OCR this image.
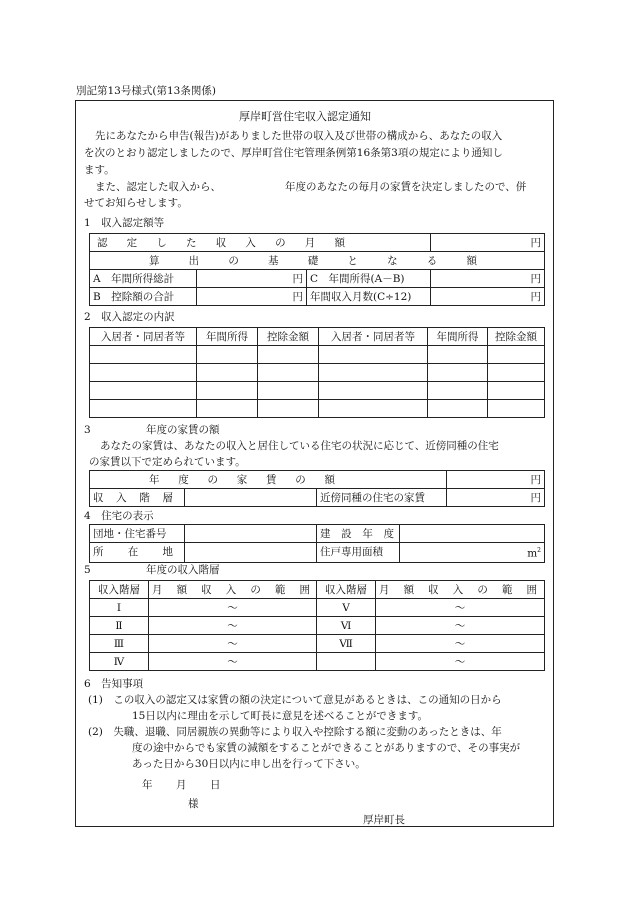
別記第13号様式(第13条関係)
厚岸町営住宅収入認定通知
先にあなたから申告(報告)がありました世帯の収入及び世帯の構成から、あなたの収入
を次のとおり認定しましたので、厚岸町営住宅管理条例第16条第3項の規定により通知し
ます。
また、認定した収入から、	年度のあなたの毎月の家賃を決定しましたので、併
せてお知らせします。
1　収入認定額等
認 定 し た 収 入 の 月 額			円

算 出 の 基 礎 と な る 額			

A　年間所得総計	円	C　年間所得(A－B)	円
B　控除額の合計	円	年間収入月数(C÷12)	円
2　収入認定の内訳
入居者・同居者等	年間所得	控除金額	入居者・同居者等	年間所得	控除金額

3	年度の家賃の額
あなたの家賃は、あなたの収入と居住している住宅の状況に応じて、近傍同種の住宅
の家賃以下で定められています。
年 度 の 家 賃 の 額			円

収 入 階 層		近傍同種の住宅の家賃	円
4　住宅の表示
団地・住宅番号		建 設 年 度	

所 在 地		住戸専用面積	$m^2$
5	年度の収入階層
収入階層	月 額 収 入 の 範 囲	収入階層	月 額 収 入 の 範 囲

Ⅰ	～	Ⅴ	～
Ⅱ	～	Ⅵ	～
Ⅲ	～	Ⅶ	～
Ⅳ	～		～
6　告知事項
(1)　この収入の認定又は家賃の額の決定について意見があるときは、この通知の日から
15日以内に理由を示して町長に意見を述べることができます。
(2)　失職、退職、同居親族の異動等により収入や控除する額に変動のあったときは、年
度の途中からでも家賃の減額をすることができることがありますので、その事実が
あった日から30日以内に申し出を行って下さい。
年 月 日
様
厚岸町長
